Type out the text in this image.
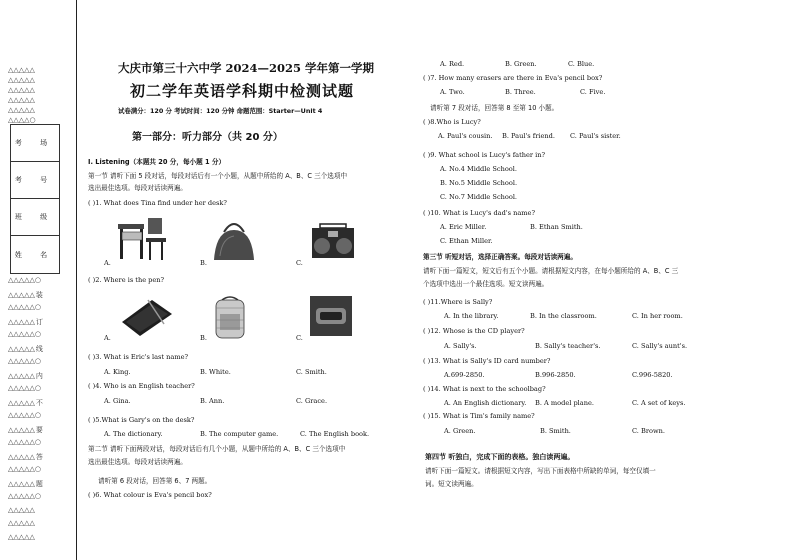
△△△△△
△△△△△
△△△△△
△△△△△
△△△△△
△△△△○
考 场
考 号
班 级
姓 名
△△△△△○
△△△△△装
△△△△△○
△△△△△订
△△△△△○
△△△△△线
△△△△△○
△△△△△内
△△△△△○
△△△△△不
△△△△△○
△△△△△要
△△△△△○
△△△△△答
△△△△△○
△△△△△题
△△△△△○
△△△△△
△△△△△
△△△△△
大庆市第三十六中学 2024—2025 学年第一学期
初二学年英语学科期中检测试题
试卷满分：120 分 考试时间：120 分钟 命题范围：Starter—Unit 4
第一部分：听力部分（共 20 分）
I. Listening（本题共 20 分，每小题 1 分）
第一节 请听下面 5 段对话，每段对话后有一个小题，从题中所给的 A、B、C 三个选项中
选出最佳选项。每段对话读两遍。
( )1. What does Tina find under her desk?
A.	B.	C.
( )2. Where is the pen?
A.	B.	C.
( )3. What is Eric's last name?
A. King.	B. White.	C. Smith.
( )4. Who is an English teacher?
A. Gina.	B. Ann.	C. Grace.
( )5.What is Gary's on the desk?
A. The dictionary.	B. The computer game.	C. The English book.
第二节 请听下面两段对话，每段对话后有几个小题，从题中所给的 A、B、C 三个选项中
选出最佳选项。每段对话读两遍。
请听第 6 段对话，回答第 6、7 两题。
( )6. What colour is Eva's pencil box?
A. Red.	B. Green.	C. Blue.
( )7. How many erasers are there in Eva's pencil box?
A. Two.	B. Three.	C. Five.
请听第 7 段对话，回答第 8 至第 10 小题。
( )8.Who is Lucy?
A. Paul's cousin. B. Paul's friend. C. Paul's sister.
( )9. What school is Lucy's father in?
A. No.4 Middle School.
B. No.5 Middle School.
C. No.7 Middle School.
( )10. What is Lucy's dad's name?
A. Eric Miller.	B. Ethan Smith.
C. Ethan Miller.
第三节 听短对话，选择正确答案。每段对话读两遍。
请听下面一篇短文，短文后有五个小题。请根据短文内容，在每小题所给的 A、B、C 三
个选项中选出一个最佳选项。短文读两遍。
( )11.Where is Sally?
A. In the library.	B. In the classroom.	C. In her room.
( )12. Whose is the CD player?
A. Sally's.	B. Sally's teacher's.	C. Sally's aunt's.
( )13. What is Sally's ID card number?
A.699-2850.	B.996-2850.	C.996-5820.
( )14. What is next to the schoolbag?
A. An English dictionary. B. A model plane.	C. A set of keys.
( )15. What is Tim's family name?
A. Green.	B. Smith.	C. Brown.
第四节 听独白，完成下面的表格。独白读两遍。
请听下面一篇短文。请根据短文内容，写出下面表格中所缺的单词，每空仅填一
词。短文读两遍。
